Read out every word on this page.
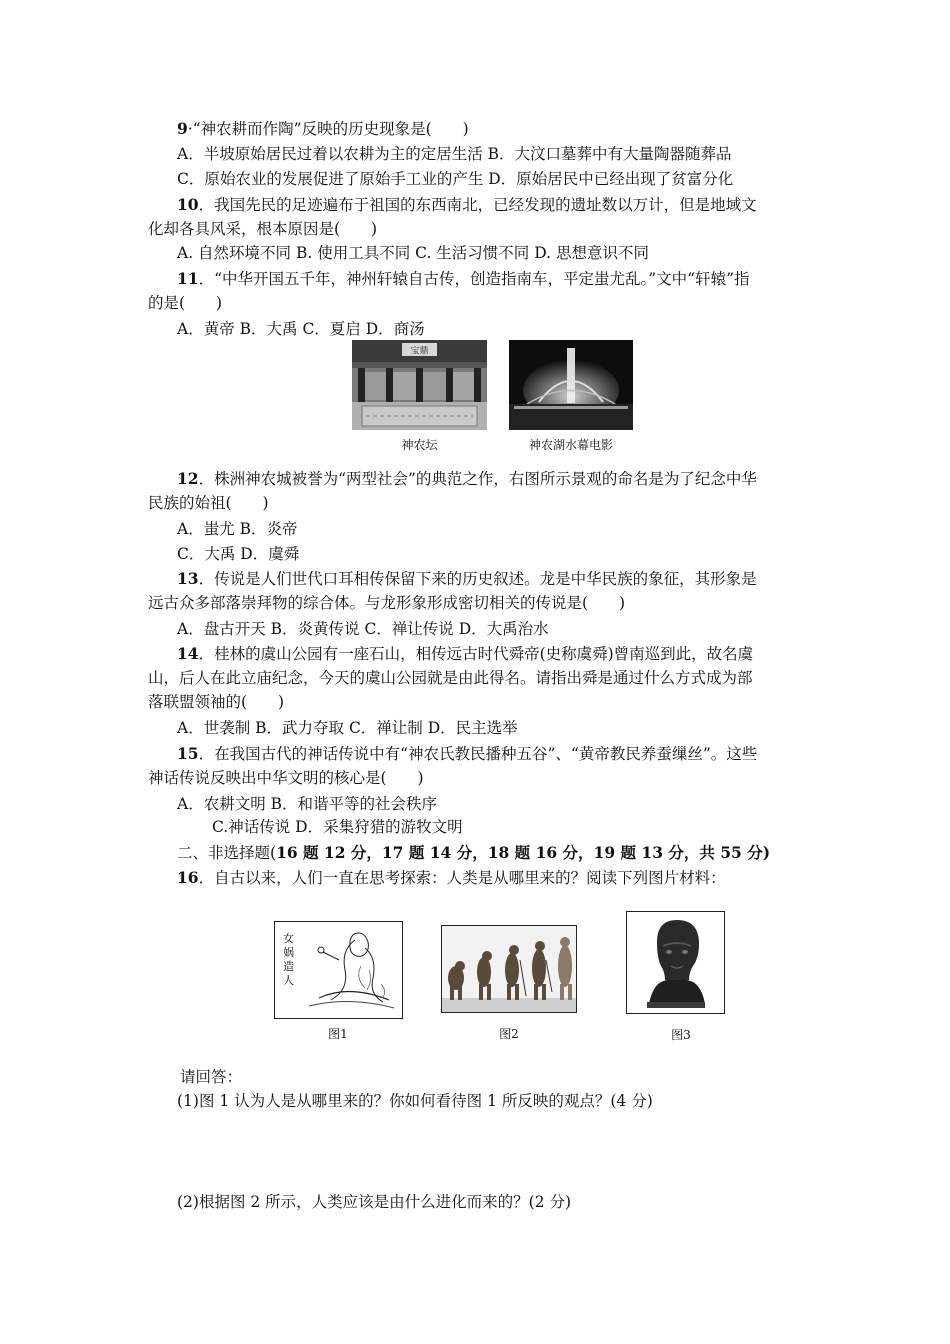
9·“神农耕而作陶”反映的历史现象是(　　)
A．半坡原始居民过着以农耕为主的定居生活 B．大汶口墓葬中有大量陶器随葬品
C．原始农业的发展促进了原始手工业的产生 D．原始居民中已经出现了贫富分化
10．我国先民的足迹遍布于祖国的东西南北，已经发现的遗址数以万计，但是地域文
化却各具风采，根本原因是(　　)
A. 自然环境不同 B. 使用工具不同 C. 生活习惯不同 D. 思想意识不同
11．“中华开国五千年，神州轩辕自古传，创造指南车，平定蚩尤乱。”文中“轩辕”指
的是(　　)
A．黄帝 B．大禹 C．夏启 D．商汤
宝鼎
神农坛	神农湖水幕电影
12．株洲神农城被誉为“两型社会”的典范之作，右图所示景观的命名是为了纪念中华
民族的始祖(　　)
A．蚩尤 B．炎帝
C．大禹 D．虞舜
13．传说是人们世代口耳相传保留下来的历史叙述。龙是中华民族的象征，其形象是
远古众多部落崇拜物的综合体。与龙形象形成密切相关的传说是(　　)
A．盘古开天 B．炎黄传说 C．禅让传说 D．大禹治水
14．桂林的虞山公园有一座石山，相传远古时代舜帝(史称虞舜)曾南巡到此，故名虞
山，后人在此立庙纪念，今天的虞山公园就是由此得名。请指出舜是通过什么方式成为部
落联盟领袖的(　　)
A．世袭制 B．武力夺取 C．禅让制 D．民主选举
15．在我国古代的神话传说中有“神农氏教民播种五谷”、“黄帝教民养蚕缫丝”。这些
神话传说反映出中华文明的核心是(　　)
A．农耕文明 B．和谐平等的社会秩序
C.神话传说 D．采集狩猎的游牧文明
二、非选择题(16 题 12 分，17 题 14 分，18 题 16 分，19 题 13 分，共 55 分)
16．自古以来，人们一直在思考探索：人类是从哪里来的？阅读下列图片材料：
女娲造人
图1	图2	图3
请回答：
(1)图 1 认为人是从哪里来的？你如何看待图 1 所反映的观点？(4 分)
(2)根据图 2 所示，人类应该是由什么进化而来的？(2 分)
